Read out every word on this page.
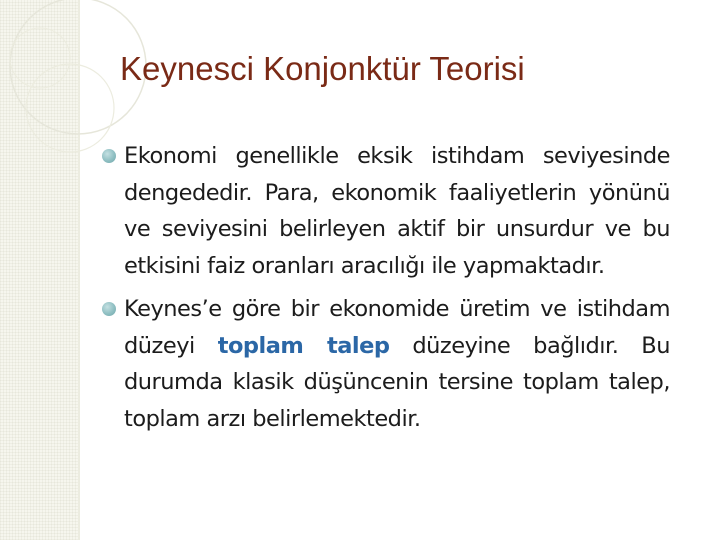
Keynesci Konjonktür Teorisi

Ekonomi genellikle eksik istihdam seviyesinde dengededir. Para, ekonomik faaliyetlerin yönünü ve seviyesini belirleyen aktif bir unsurdur ve bu etkisini faiz oranları aracılığı ile yapmaktadır.

Keynes’e göre bir ekonomide üretim ve istihdam düzeyi toplam talep düzeyine bağlıdır. Bu durumda klasik düşüncenin tersine toplam talep, toplam arzı belirlemektedir.
